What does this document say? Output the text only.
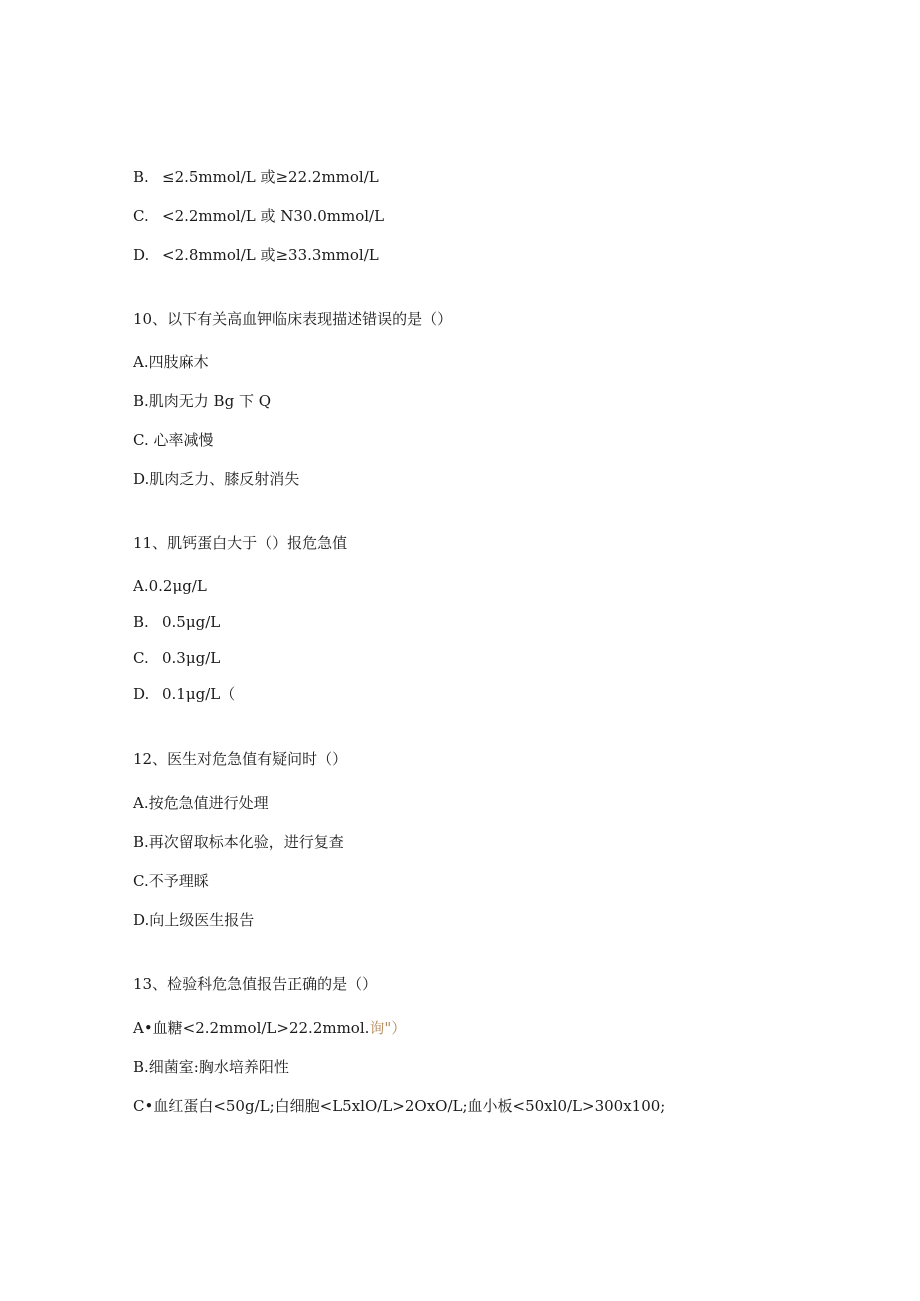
B. ≤2.5mmol/L 或≥22.2mmol/L
C. <2.2mmol/L 或 N30.0mmol/L
D. <2.8mmol/L 或≥33.3mmol/L
10、以下有关高血钾临床表现描述错误的是（）
A.四肢麻木
B.肌肉无力 Bg 下 Q
C. 心率减慢
D.肌肉乏力、膝反射消失
11、肌钙蛋白大于（）报危急值
A.0.2μg/L
B. 0.5μg/L
C. 0.3μg/L
D. 0.1μg/L（
12、医生对危急值有疑问时（）
A.按危急值进行处理
B.再次留取标本化验，进行复查
C.不予理睬
D.向上级医生报告
13、检验科危急值报告正确的是（）
A•血糖<2.2mmol/L>22.2mmol.询"）
B.细菌室:胸水培养阳性
C•血红蛋白<50g/L;白细胞<L5xlO/L>2OxO/L;血小板<50xl0/L>300x100;
